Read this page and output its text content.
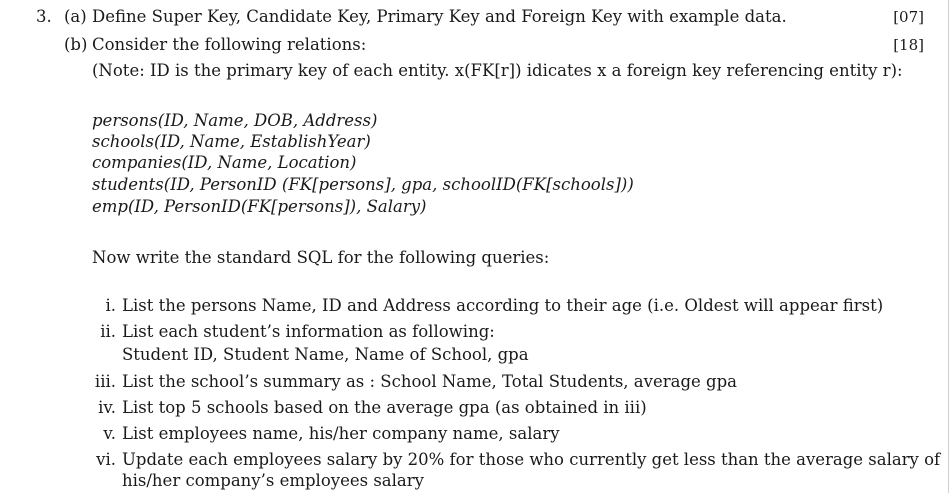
3. (a) Define Super Key, Candidate Key, Primary Key and Foreign Key with example data.	[07]
(b) Consider the following relations:	[18]
(Note: ID is the primary key of each entity. x(FK[r]) idicates x a foreign key referencing entity r):
persons(ID, Name, DOB, Address)
schools(ID, Name, EstablishYear)
companies(ID, Name, Location)
students(ID, PersonID (FK[persons], gpa, schoolID(FK[schools]))
emp(ID, PersonID(FK[persons]), Salary)
Now write the standard SQL for the following queries:
i. List the persons Name, ID and Address according to their age (i.e. Oldest will appear first)
ii. List each student’s information as following:
Student ID, Student Name, Name of School, gpa
iii. List the school’s summary as : School Name, Total Students, average gpa
iv. List top 5 schools based on the average gpa (as obtained in iii)
v. List employees name, his/her company name, salary
vi. Update each employees salary by 20% for those who currently get less than the average salary of
his/her company’s employees salary
